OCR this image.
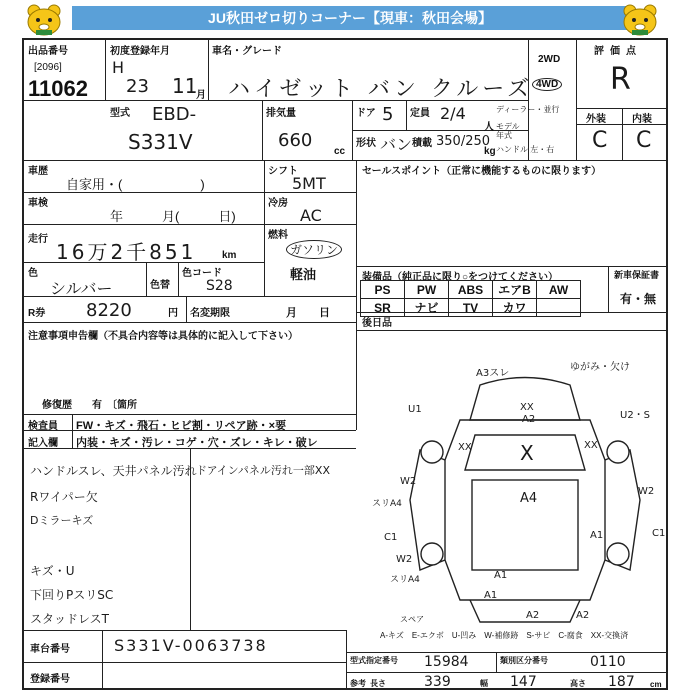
JU秋田ゼロ切りコーナー【現車：秋田会場】
出品番号
[2096]
11062
初度登録年月
H
23 11
月
車名・グレード
ハイゼット バン クルーズ
2WD
4WD
評価点
R
型式 EBD-
S331V
排気量
660
cc
ドア 5 定員 2/4
人
ディーラー・並行
モデル年式
形状 バン 積載 350/250
kg ハンドル 左・右
外装	内装
C C
車歴
自家用・(　　　　　　)
シフト
5MT
車検
年　　　月(　　　日)
冷房
AC
走行
16万2千851	km
燃料
ガソリン
軽油
色
シルバー	色替
色コード
S28
R券 8220	円 名変期限	月　　日
注意事項申告欄（不具合内容等は具体的に記入して下さい）
修復歴　　有　〔箇所
セールスポイント（正常に機能するものに限ります）
装備品（純正品に限り○をつけてください）	新車保証書
有・無
PS	PW	ABS	エアB	AW
SR	ナビ	TV	カワ	
後日品
検査員
記入欄
FW・キズ・飛石・ヒビ割・リペア跡・×要
内装・キズ・汚レ・コゲ・穴・ズレ・キレ・破レ
ハンドルスレ、天井パネル汚れ
Rワイパー欠
Dミラーキズ
キズ・U
下回りPスリSC
スタッドレスT
ドアインパネル汚れ一部XX
A3スレ
ゆがみ・欠け
XX
A2
X
U1
U2・S
XX	XX
W2
A4	W2
スリA4
C1	A1	C1
W2
A1
スリA4
A1
A2	A2
スペア
A-キズ　E-エクボ　U-凹み　W-補修跡　S-サビ　C-腐食　XX-交換済
車台番号	S331V-0063738
登録番号
型式指定番号 15984	類別区分番号	0110
参考 長さ	339	幅 147	高さ 187 cm
